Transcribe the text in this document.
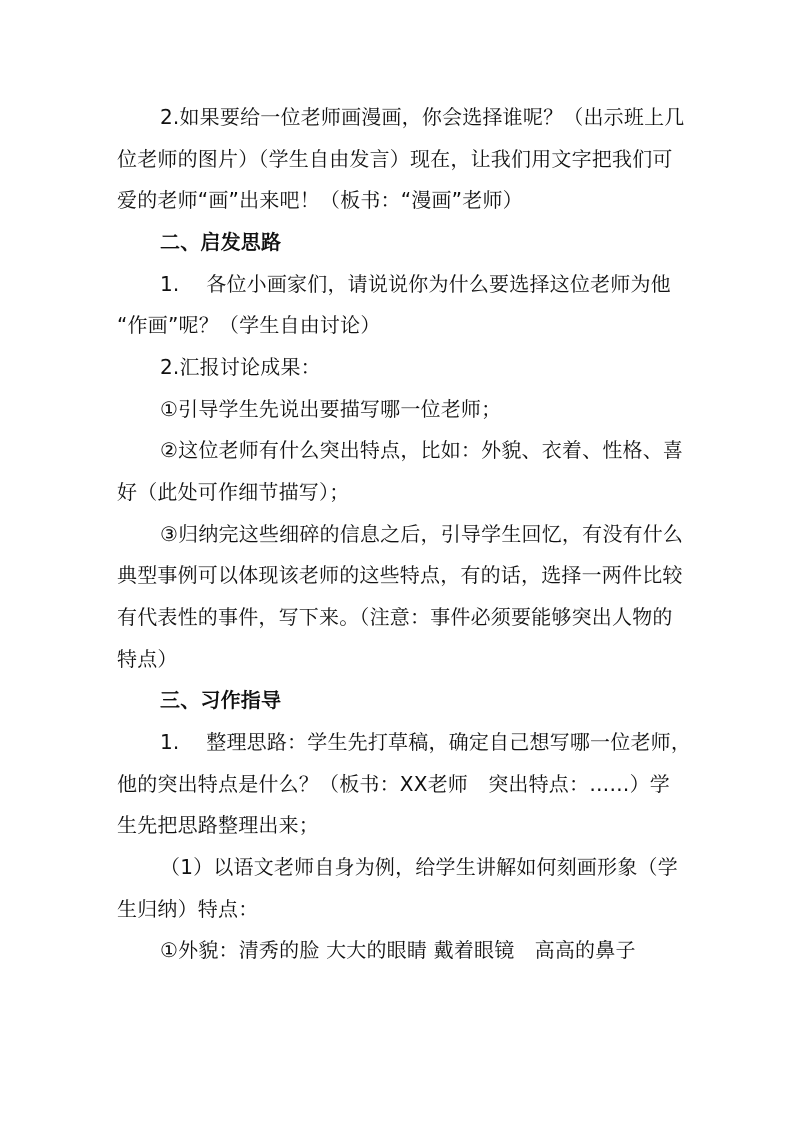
2.如果要给一位老师画漫画，你会选择谁呢？（出示班上几
位老师的图片）（学生自由发言）现在，让我们用文字把我们可
爱的老师“画”出来吧！（板书：“漫画”老师）
二、启发思路
1.　 各位小画家们，请说说你为什么要选择这位老师为他
“作画”呢？（学生自由讨论）
2.汇报讨论成果：
①引导学生先说出要描写哪一位老师；
②这位老师有什么突出特点，比如：外貌、衣着、性格、喜
好（此处可作细节描写）；
③归纳完这些细碎的信息之后，引导学生回忆，有没有什么
典型事例可以体现该老师的这些特点，有的话，选择一两件比较
有代表性的事件，写下来。（注意：事件必须要能够突出人物的
特点）
三、习作指导
1.　 整理思路：学生先打草稿，确定自己想写哪一位老师，
他的突出特点是什么？（板书：XX老师　突出特点：……）学
生先把思路整理出来；
（1）以语文老师自身为例，给学生讲解如何刻画形象（学
生归纳）特点：
①外貌：清秀的脸 大大的眼睛 戴着眼镜　高高的鼻子
